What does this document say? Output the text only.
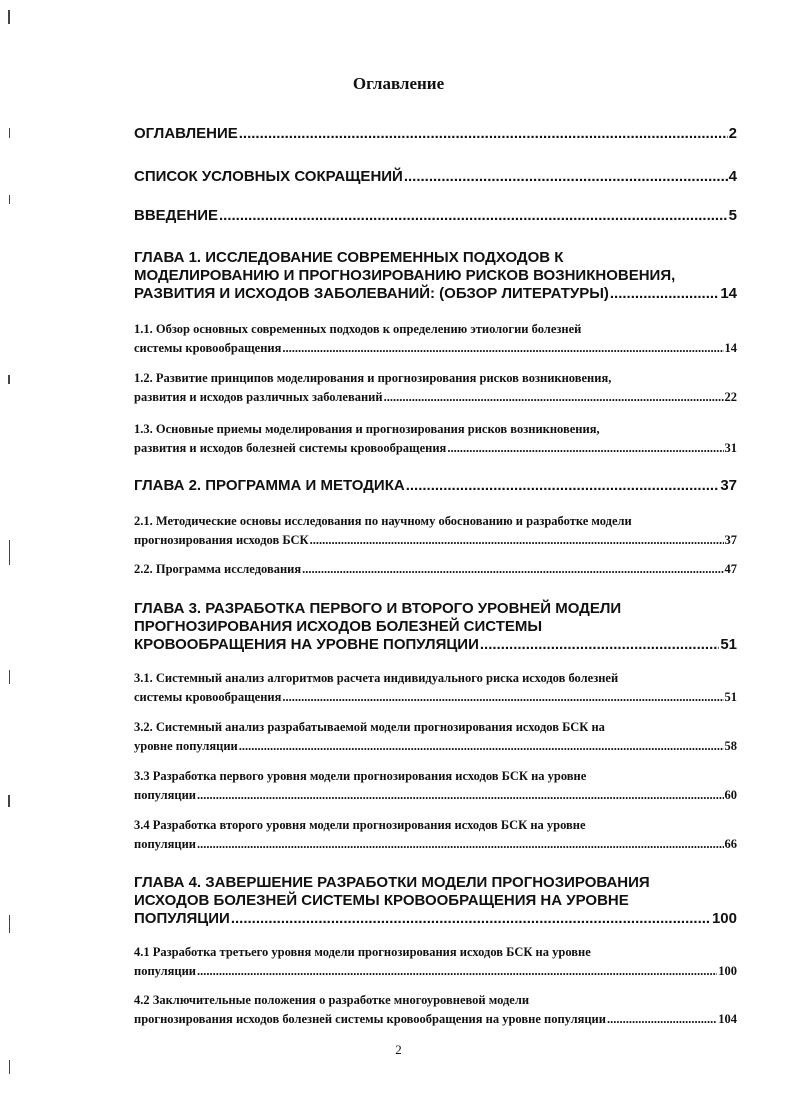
Оглавление
ОГЛАВЛЕНИЕ .....	2
СПИСОК УСЛОВНЫХ СОКРАЩЕНИЙ .....	4
ВВЕДЕНИЕ .....	5
ГЛАВА 1. ИССЛЕДОВАНИЕ СОВРЕМЕННЫХ ПОДХОДОВ К
МОДЕЛИРОВАНИЮ И ПРОГНОЗИРОВАНИЮ РИСКОВ ВОЗНИКНОВЕНИЯ,
РАЗВИТИЯ И ИСХОДОВ ЗАБОЛЕВАНИЙ: (ОБЗОР ЛИТЕРАТУРЫ) .....	14
1.1. Обзор основных современных подходов к определению этиологии болезней
системы кровообращения .....	14
1.2. Развитие принципов моделирования и прогнозирования рисков возникновения,
развития и исходов различных заболеваний .....	22
1.3. Основные приемы моделирования и прогнозирования рисков возникновения,
развития и исходов болезней системы кровообращения .....	31
ГЛАВА 2. ПРОГРАММА И МЕТОДИКА .....	37
2.1. Методические основы исследования по научному обоснованию и разработке модели
прогнозирования исходов БСК .....	37
2.2. Программа исследования .....	47
ГЛАВА 3. РАЗРАБОТКА ПЕРВОГО И ВТОРОГО УРОВНЕЙ МОДЕЛИ
ПРОГНОЗИРОВАНИЯ ИСХОДОВ БОЛЕЗНЕЙ СИСТЕМЫ
КРОВООБРАЩЕНИЯ НА УРОВНЕ ПОПУЛЯЦИИ .....	51
3.1. Системный анализ алгоритмов расчета индивидуального риска исходов болезней
системы кровообращения .....	51
3.2. Системный анализ разрабатываемой модели прогнозирования исходов БСК на
уровне популяции .....	58
3.3 Разработка первого уровня модели прогнозирования исходов БСК на уровне
популяции .....	60
3.4 Разработка второго уровня модели прогнозирования исходов БСК на уровне
популяции .....	66
ГЛАВА 4. ЗАВЕРШЕНИЕ РАЗРАБОТКИ МОДЕЛИ ПРОГНОЗИРОВАНИЯ
ИСХОДОВ БОЛЕЗНЕЙ СИСТЕМЫ КРОВООБРАЩЕНИЯ НА УРОВНЕ
ПОПУЛЯЦИИ .....	100
4.1 Разработка третьего уровня модели прогнозирования исходов БСК на уровне
популяции .....	100
4.2 Заключительные положения о разработке многоуровневой модели
прогнозирования исходов болезней системы кровообращения на уровне популяции .....	104
2
